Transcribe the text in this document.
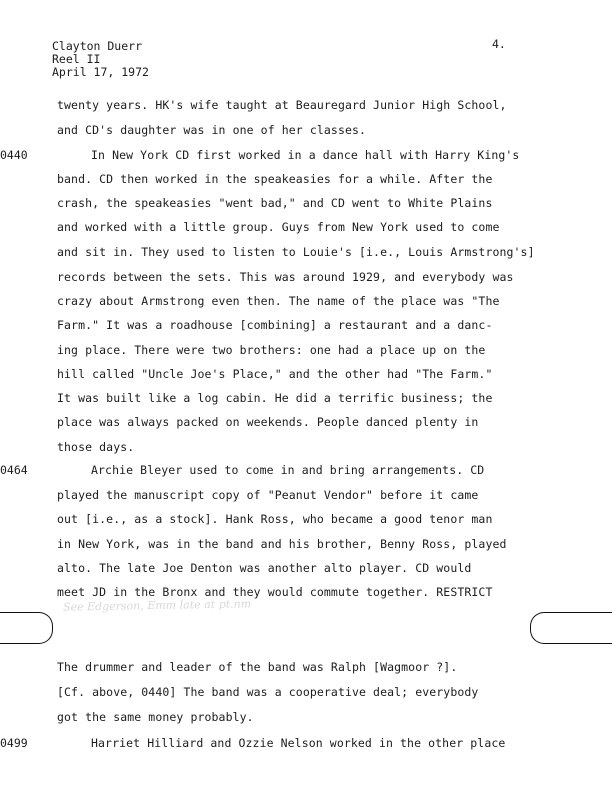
Clayton Duerr
Reel II
April 17, 1972
4.
twenty years. HK's wife taught at Beauregard Junior High School,
and CD's daughter was in one of her classes.
0440	In New York CD first worked in a dance hall with Harry King's
band. CD then worked in the speakeasies for a while. After the
crash, the speakeasies "went bad," and CD went to White Plains
and worked with a little group. Guys from New York used to come
and sit in. They used to listen to Louie's [i.e., Louis Armstrong's]
records between the sets. This was around 1929, and everybody was
crazy about Armstrong even then. The name of the place was "The
Farm." It was a roadhouse [combining] a restaurant and a danc-
ing place. There were two brothers: one had a place up on the
hill called "Uncle Joe's Place," and the other had "The Farm."
It was built like a log cabin. He did a terrific business; the
place was always packed on weekends. People danced plenty in
those days.
0464	Archie Bleyer used to come in and bring arrangements. CD
played the manuscript copy of "Peanut Vendor" before it came
out [i.e., as a stock]. Hank Ross, who became a good tenor man
in New York, was in the band and his brother, Benny Ross, played
alto. The late Joe Denton was another alto player. CD would
meet JD in the Bronx and they would commute together. RESTRICT
See Edgerson, Emm late at pt.nm
The drummer and leader of the band was Ralph [Wagmoor ?].
[Cf. above, 0440] The band was a cooperative deal; everybody
got the same money probably.
0499	Harriet Hilliard and Ozzie Nelson worked in the other place
